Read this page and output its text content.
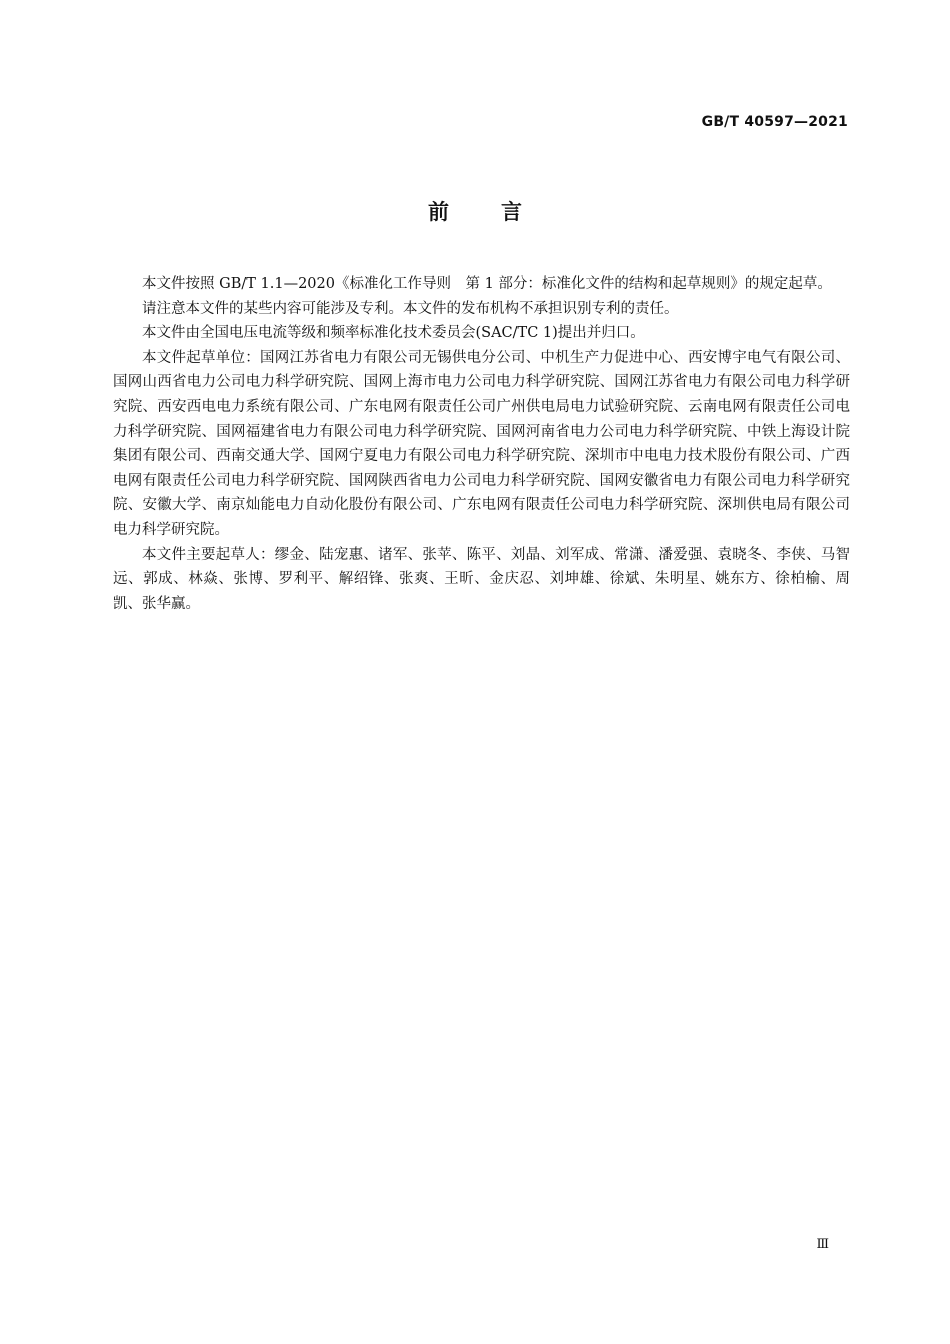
GB/T 40597—2021
前 言

本文件按照 GB/T 1.1—2020《标准化工作导则　第 1 部分：标准化文件的结构和起草规则》的规定起草。

请注意本文件的某些内容可能涉及专利。本文件的发布机构不承担识别专利的责任。

本文件由全国电压电流等级和频率标准化技术委员会(SAC/TC 1)提出并归口。

本文件起草单位：国网江苏省电力有限公司无锡供电分公司、中机生产力促进中心、西安博宇电气有限公司、国网山西省电力公司电力科学研究院、国网上海市电力公司电力科学研究院、国网江苏省电力有限公司电力科学研究院、西安西电电力系统有限公司、广东电网有限责任公司广州供电局电力试验研究院、云南电网有限责任公司电力科学研究院、国网福建省电力有限公司电力科学研究院、国网河南省电力公司电力科学研究院、中铁上海设计院集团有限公司、西南交通大学、国网宁夏电力有限公司电力科学研究院、深圳市中电电力技术股份有限公司、广西电网有限责任公司电力科学研究院、国网陕西省电力公司电力科学研究院、国网安徽省电力有限公司电力科学研究院、安徽大学、南京灿能电力自动化股份有限公司、广东电网有限责任公司电力科学研究院、深圳供电局有限公司电力科学研究院。

本文件主要起草人：缪金、陆宠惠、诸军、张苹、陈平、刘晶、刘军成、常潇、潘爱强、袁晓冬、李侠、马智远、郭成、林焱、张博、罗利平、解绍锋、张爽、王昕、金庆忍、刘坤雄、徐斌、朱明星、姚东方、徐柏榆、周凯、张华赢。

Ⅲ
